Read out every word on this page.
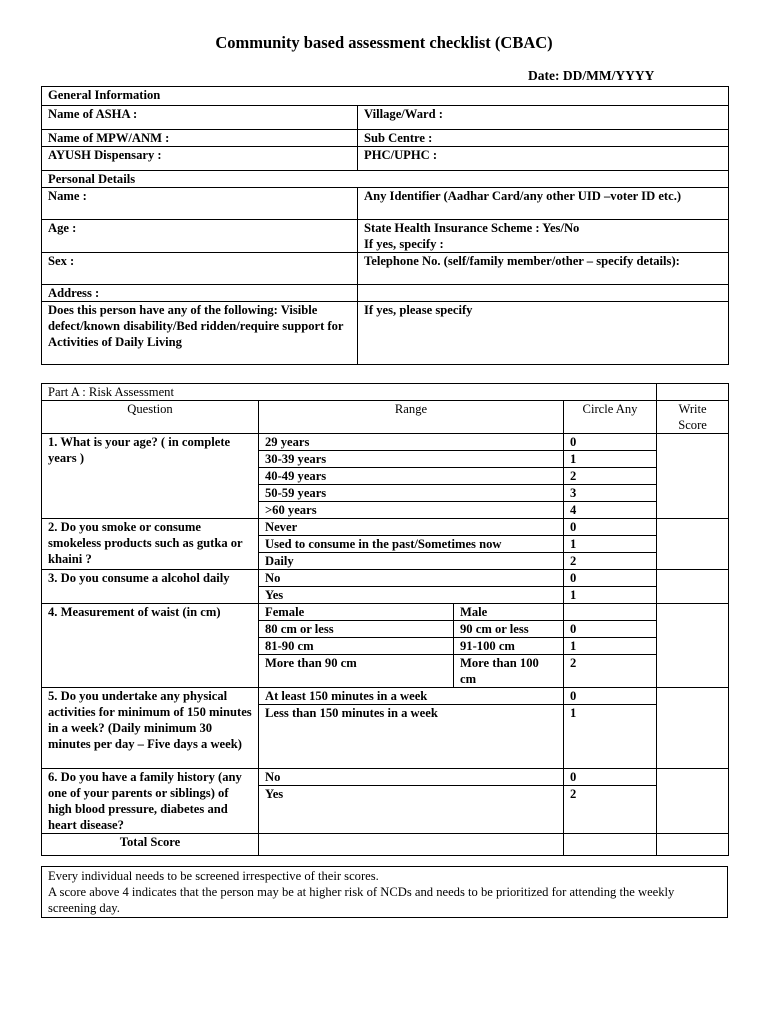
Community based assessment checklist (CBAC)
Date: DD/MM/YYYY
General Information	
Name of ASHA :	Village/Ward :
Name of MPW/ANM :	Sub Centre :
AYUSH Dispensary :	PHC/UPHC :
Personal Details	
Name :	Any Identifier (Aadhar Card/any other UID –voter ID etc.)
Age :	State Health Insurance Scheme : Yes/No
If yes, specify :

Sex :	Telephone No. (self/family member/other – specify details):
Address :	
Does this person have any of the following: Visible defect/known disability/Bed ridden/require support for Activities of Daily Living	If yes, please specify
Part A : Risk Assessment				
Question	Range		Circle Any	Write Score
1. What is your age? ( in complete years )	29 years		0	
	30-39 years		1	
	40-49 years		2	
	50-59 years		3	
	>60 years		4	
2. Do you smoke or consume smokeless products such as gutka or khaini ?	Never		0	
	Used to consume in the past/Sometimes now		1	
	Daily		2	
3. Do you consume a alcohol daily	No		0	
	Yes		1	
4. Measurement of waist (in cm)	Female	Male		
	80 cm or less	90 cm or less	0	
	81-90 cm	91-100 cm	1	
	More than 90 cm	More than 100 cm	2	
5. Do you undertake any physical activities for minimum of 150 minutes in a week? (Daily minimum 30 minutes per day – Five days a week)	At least 150 minutes in a week		0	
	Less than 150 minutes in a week		1	
6. Do you have a family history (any one of your parents or siblings) of high blood pressure, diabetes and heart disease?	No		0	
	Yes		2	
Total Score				
Every individual needs to be screened irrespective of their scores.
A score above 4 indicates that the person may be at higher risk of NCDs and needs to be prioritized for attending the weekly screening day.
